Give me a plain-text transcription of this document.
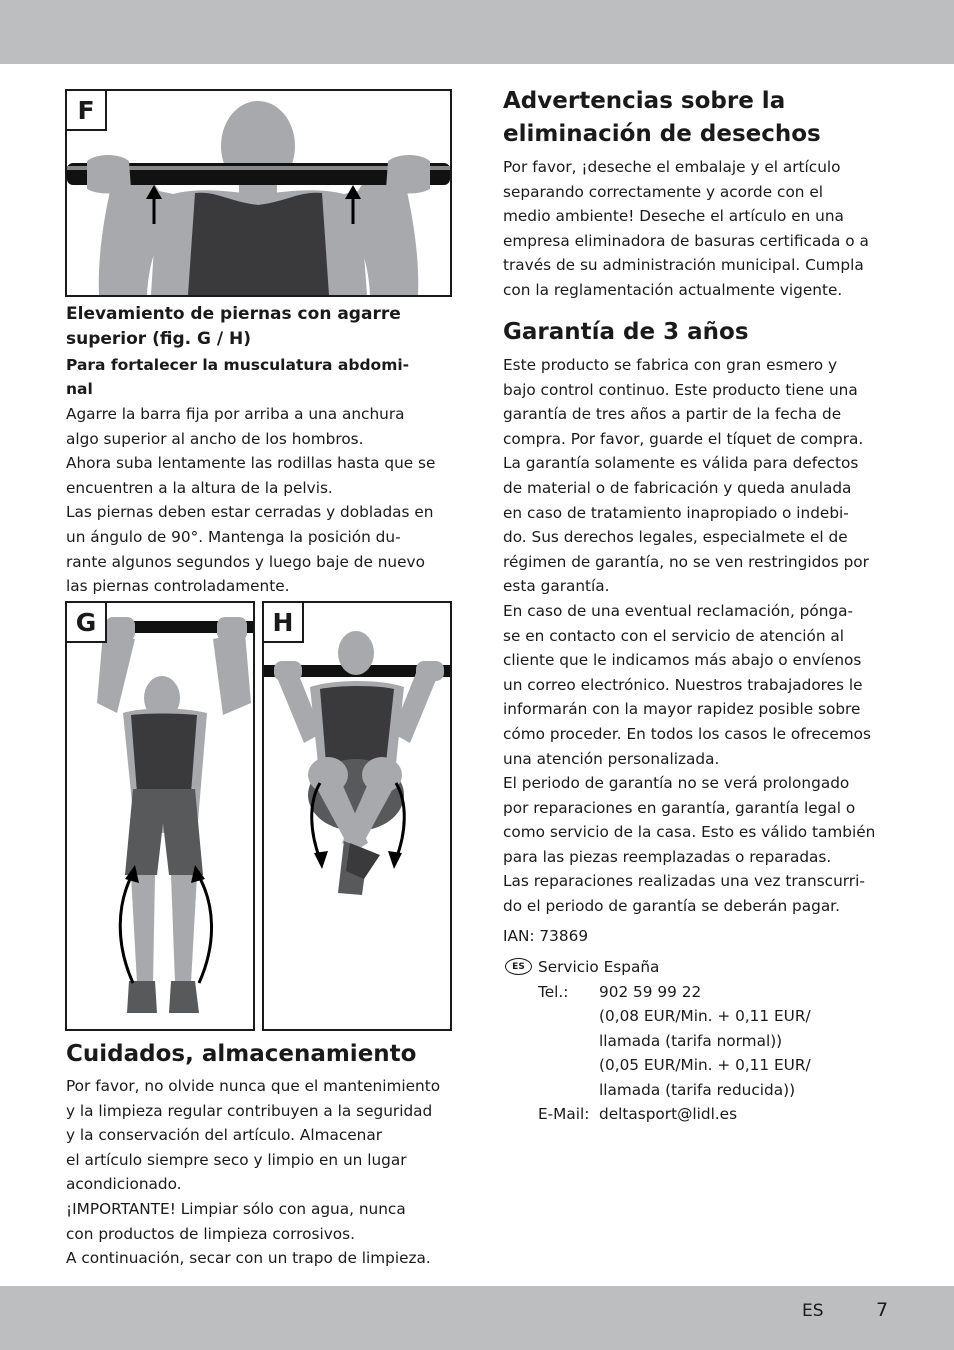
F
Elevamiento de piernas con agarre
superior (fig. G / H)
Para fortalecer la musculatura abdomi-
nal
Agarre la barra fija por arriba a una anchura
algo superior al ancho de los hombros.
Ahora suba lentamente las rodillas hasta que se
encuentren a la altura de la pelvis.
Las piernas deben estar cerradas y dobladas en
un ángulo de 90°. Mantenga la posición du-
rante algunos segundos y luego baje de nuevo
las piernas controladamente.
G	H
Cuidados, almacenamiento
Por favor, no olvide nunca que el mantenimiento
y la limpieza regular contribuyen a la seguridad
y la conservación del artículo. Almacenar
el artículo siempre seco y limpio en un lugar
acondicionado.
¡IMPORTANTE! Limpiar sólo con agua, nunca
con productos de limpieza corrosivos.
A continuación, secar con un trapo de limpieza.
Advertencias sobre la
eliminación de desechos
Por favor, ¡deseche el embalaje y el artículo
separando correctamente y acorde con el
medio ambiente! Deseche el artículo en una
empresa eliminadora de basuras certificada o a
través de su administración municipal. Cumpla
con la reglamentación actualmente vigente.
Garantía de 3 años
Este producto se fabrica con gran esmero y
bajo control continuo. Este producto tiene una
garantía de tres años a partir de la fecha de
compra. Por favor, guarde el tíquet de compra.
La garantía solamente es válida para defectos
de material o de fabricación y queda anulada
en caso de tratamiento inapropiado o indebi-
do. Sus derechos legales, especialmete el de
régimen de garantía, no se ven restringidos por
esta garantía.
En caso de una eventual reclamación, pónga-
se en contacto con el servicio de atención al
cliente que le indicamos más abajo o envíenos
un correo electrónico. Nuestros trabajadores le
informarán con la mayor rapidez posible sobre
cómo proceder. En todos los casos le ofrecemos
una atención personalizada.
El periodo de garantía no se verá prolongado
por reparaciones en garantía, garantía legal o
como servicio de la casa. Esto es válido también
para las piezas reemplazadas o reparadas.
Las reparaciones realizadas una vez transcurri-
do el periodo de garantía se deberán pagar.
IAN: 73869
ES Servicio España
Tel.: 902 59 99 22
(0,08 EUR/Min. + 0,11 EUR/
llamada (tarifa normal))
(0,05 EUR/Min. + 0,11 EUR/
llamada (tarifa reducida))
E-Mail: deltasport@lidl.es
ES	7
